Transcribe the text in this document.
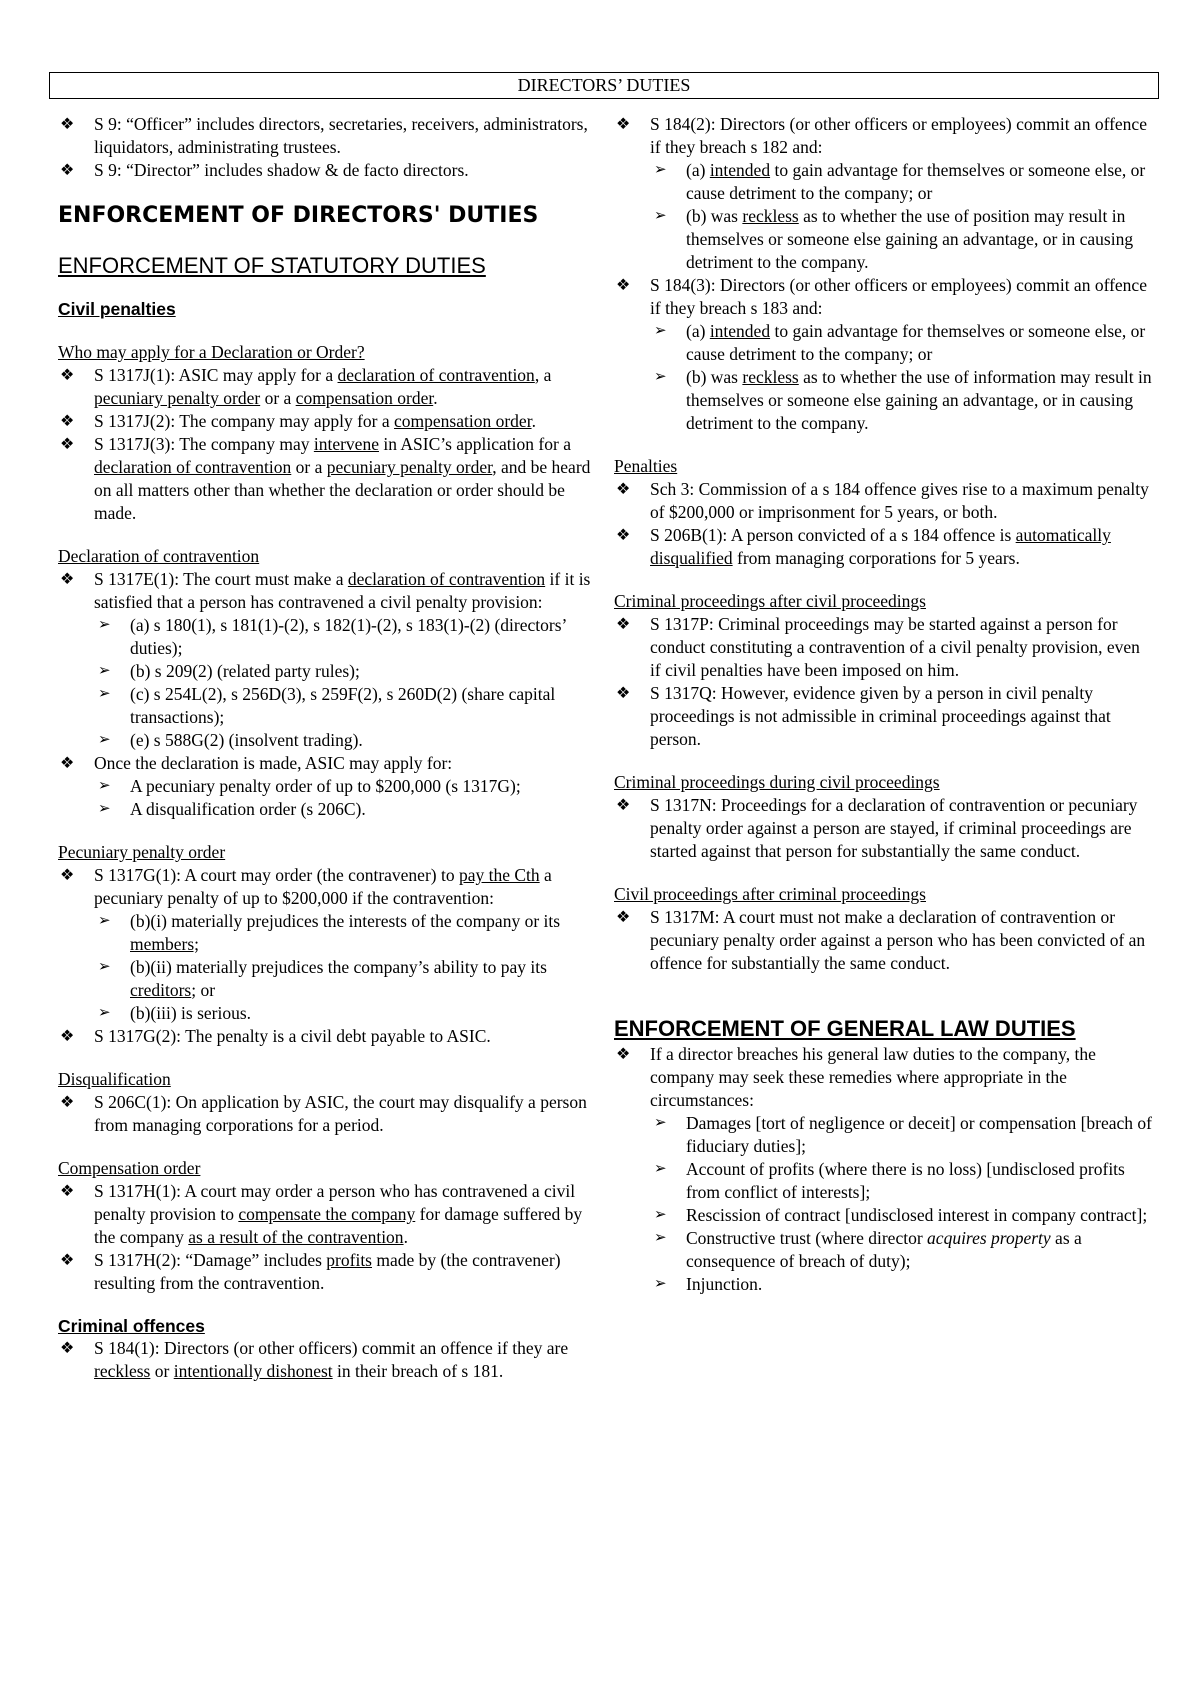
DIRECTORS’ DUTIES
❖ S 9: “Officer” includes directors, secretaries, receivers, administrators, liquidators, administrating trustees.
❖ S 9: “Director” includes shadow & de facto directors.

ENFORCEMENT OF DIRECTORS' DUTIES

ENFORCEMENT OF STATUTORY DUTIES

Civil penalties

Who may apply for a Declaration or Order?

❖ S 1317J(1): ASIC may apply for a declaration of contravention, a pecuniary penalty order or a compensation order.
❖ S 1317J(2): The company may apply for a compensation order.
❖ S 1317J(3): The company may intervene in ASIC’s application for a declaration of contravention or a pecuniary penalty order, and be heard on all matters other than whether the declaration or order should be made.

Declaration of contravention

❖ S 1317E(1): The court must make a declaration of contravention if it is satisfied that a person has contravened a civil penalty provision:
➢ (a) s 180(1), s 181(1)-(2), s 182(1)-(2), s 183(1)-(2) (directors’ duties);
➢ (b) s 209(2) (related party rules);
➢ (c) s 254L(2), s 256D(3), s 259F(2), s 260D(2) (share capital transactions);
➢ (e) s 588G(2) (insolvent trading).
❖ Once the declaration is made, ASIC may apply for:
➢ A pecuniary penalty order of up to $200,000 (s 1317G);
➢ A disqualification order (s 206C).

Pecuniary penalty order

❖ S 1317G(1): A court may order (the contravener) to pay the Cth a pecuniary penalty of up to $200,000 if the contravention:
➢ (b)(i) materially prejudices the interests of the company or its members;
➢ (b)(ii) materially prejudices the company’s ability to pay its creditors; or
➢ (b)(iii) is serious.
❖ S 1317G(2): The penalty is a civil debt payable to ASIC.

Disqualification

❖ S 206C(1): On application by ASIC, the court may disqualify a person from managing corporations for a period.

Compensation order

❖ S 1317H(1): A court may order a person who has contravened a civil penalty provision to compensate the company for damage suffered by the company as a result of the contravention.
❖ S 1317H(2): “Damage” includes profits made by (the contravener) resulting from the contravention.

Criminal offences

❖ S 184(1): Directors (or other officers) commit an offence if they are reckless or intentionally dishonest in their breach of s 181.
❖ S 184(2): Directors (or other officers or employees) commit an offence if they breach s 182 and:
➢ (a) intended to gain advantage for themselves or someone else, or cause detriment to the company; or
➢ (b) was reckless as to whether the use of position may result in themselves or someone else gaining an advantage, or in causing detriment to the company.
❖ S 184(3): Directors (or other officers or employees) commit an offence if they breach s 183 and:
➢ (a) intended to gain advantage for themselves or someone else, or cause detriment to the company; or
➢ (b) was reckless as to whether the use of information may result in themselves or someone else gaining an advantage, or in causing detriment to the company.

Penalties

❖ Sch 3: Commission of a s 184 offence gives rise to a maximum penalty of $200,000 or imprisonment for 5 years, or both.
❖ S 206B(1): A person convicted of a s 184 offence is automatically disqualified from managing corporations for 5 years.

Criminal proceedings after civil proceedings

❖ S 1317P: Criminal proceedings may be started against a person for conduct constituting a contravention of a civil penalty provision, even if civil penalties have been imposed on him.
❖ S 1317Q: However, evidence given by a person in civil penalty proceedings is not admissible in criminal proceedings against that person.

Criminal proceedings during civil proceedings

❖ S 1317N: Proceedings for a declaration of contravention or pecuniary penalty order against a person are stayed, if criminal proceedings are started against that person for substantially the same conduct.

Civil proceedings after criminal proceedings

❖ S 1317M: A court must not make a declaration of contravention or pecuniary penalty order against a person who has been convicted of an offence for substantially the same conduct.

ENFORCEMENT OF GENERAL LAW DUTIES

❖ If a director breaches his general law duties to the company, the company may seek these remedies where appropriate in the circumstances:
➢ Damages [tort of negligence or deceit] or compensation [breach of fiduciary duties];
➢ Account of profits (where there is no loss) [undisclosed profits from conflict of interests];
➢ Rescission of contract [undisclosed interest in company contract];
➢ Constructive trust (where director acquires property as a consequence of breach of duty);
➢ Injunction.
